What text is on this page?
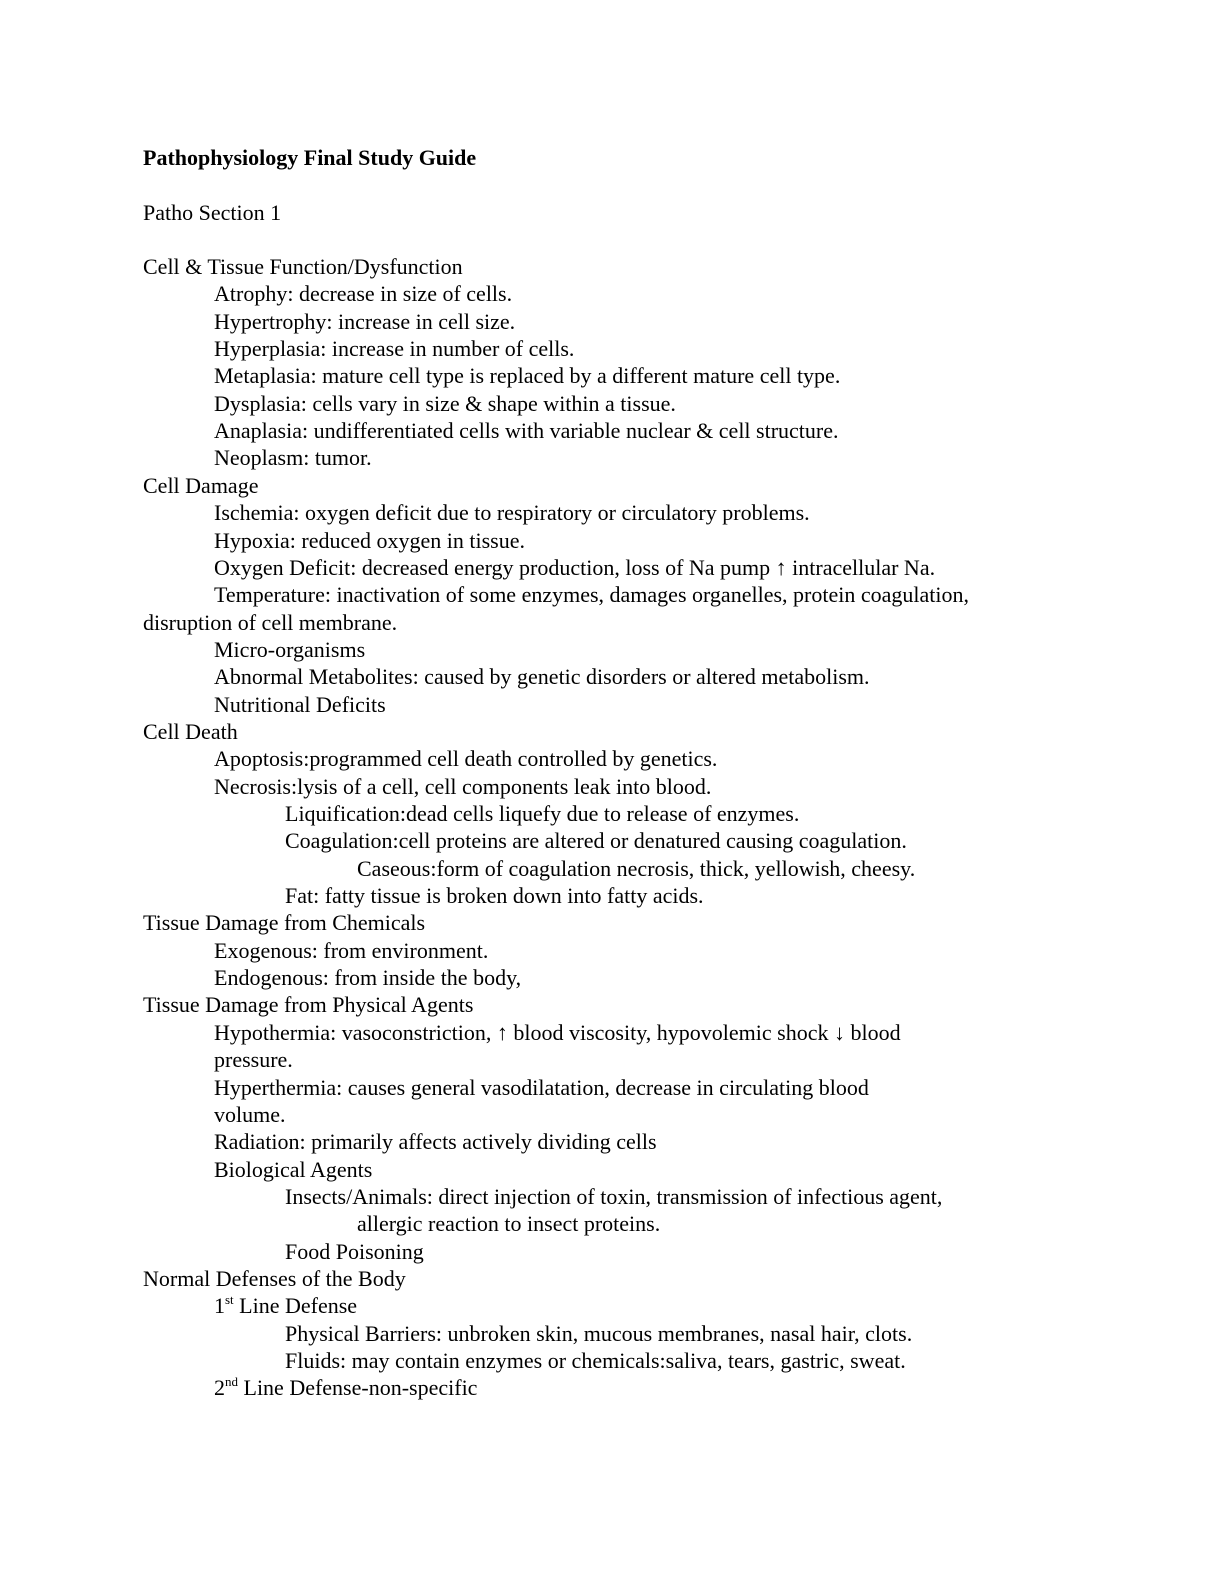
Pathophysiology Final Study Guide
Patho Section 1
Cell & Tissue Function/Dysfunction
Atrophy: decrease in size of cells.
Hypertrophy: increase in cell size.
Hyperplasia: increase in number of cells.
Metaplasia: mature cell type is replaced by a different mature cell type.
Dysplasia: cells vary in size & shape within a tissue.
Anaplasia: undifferentiated cells with variable nuclear & cell structure.
Neoplasm: tumor.
Cell Damage
Ischemia: oxygen deficit due to respiratory or circulatory problems.
Hypoxia: reduced oxygen in tissue.
Oxygen Deficit: decreased energy production, loss of Na pump ↑ intracellular Na.
Temperature: inactivation of some enzymes, damages organelles, protein coagulation,
disruption of cell membrane.
Micro-organisms
Abnormal Metabolites: caused by genetic disorders or altered metabolism.
Nutritional Deficits
Cell Death
Apoptosis:programmed cell death controlled by genetics.
Necrosis:lysis of a cell, cell components leak into blood.
Liquification:dead cells liquefy due to release of enzymes.
Coagulation:cell proteins are altered or denatured causing coagulation.
Caseous:form of coagulation necrosis, thick, yellowish, cheesy.
Fat: fatty tissue is broken down into fatty acids.
Tissue Damage from Chemicals
Exogenous: from environment.
Endogenous: from inside the body,
Tissue Damage from Physical Agents
Hypothermia: vasoconstriction, ↑ blood viscosity, hypovolemic shock ↓ blood
pressure.
Hyperthermia: causes general vasodilatation, decrease in circulating blood
volume.
Radiation: primarily affects actively dividing cells
Biological Agents
Insects/Animals: direct injection of toxin, transmission of infectious agent,
allergic reaction to insect proteins.
Food Poisoning
Normal Defenses of the Body
1st Line Defense
Physical Barriers: unbroken skin, mucous membranes, nasal hair, clots.
Fluids: may contain enzymes or chemicals:saliva, tears, gastric, sweat.
2nd Line Defense-non-specific
